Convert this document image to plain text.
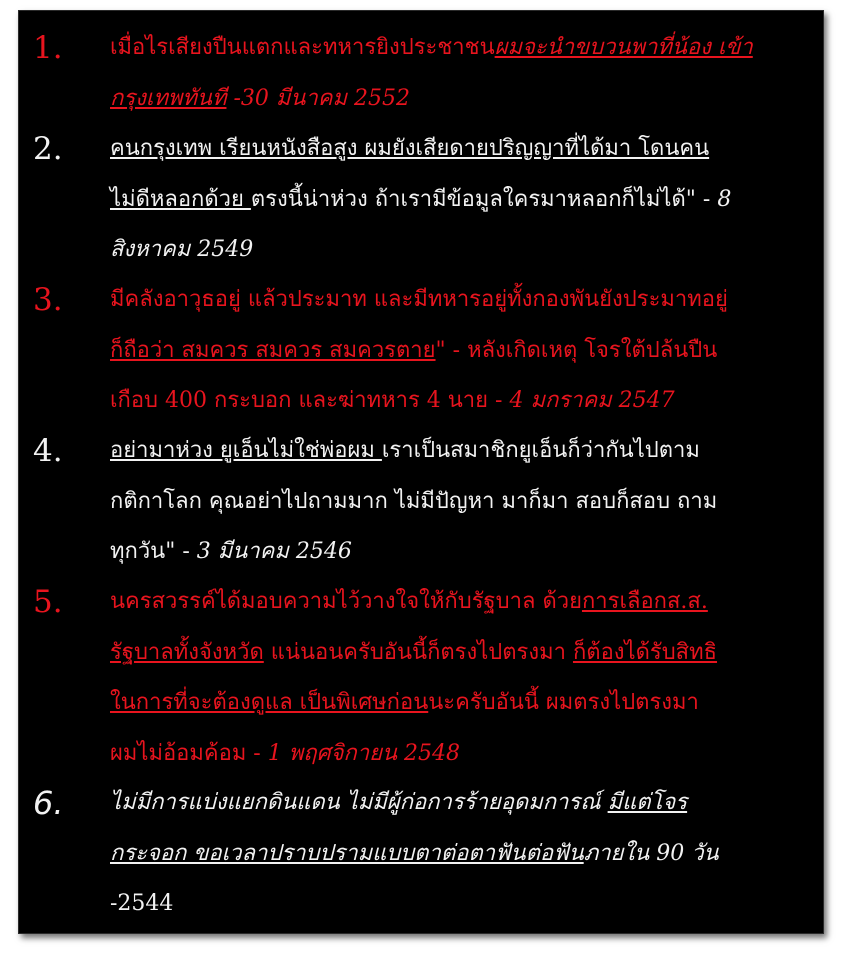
1. เมื่อไรเสียงปืนแตกและทหารยิงประชาชนผมจะนำขบวนพาที่น้อง เข้า
กรุงเทพทันที -30 มีนาคม 2552
2. คนกรุงเทพ เรียนหนังสือสูง ผมยังเสียดายปริญญาที่ได้มา โดนคน
ไม่ดีหลอกด้วย ตรงนี้น่าห่วง ถ้าเรามีข้อมูลใครมาหลอกก็ไม่ได้" - 8
สิงหาคม 2549
3. มีคลังอาวุธอยู่ แล้วประมาท และมีทหารอยู่ทั้งกองพันยังประมาทอยู่
ก็ถือว่า สมควร สมควร สมควรตาย" - หลังเกิดเหตุ โจรใต้ปล้นปืน
เกือบ 400 กระบอก และฆ่าทหาร 4 นาย - 4 มกราคม 2547
4. อย่ามาห่วง ยูเอ็นไม่ใช่พ่อผม เราเป็นสมาชิกยูเอ็นก็ว่ากันไปตาม
กติกาโลก คุณอย่าไปถามมาก ไม่มีปัญหา มาก็มา สอบก็สอบ ถาม
ทุกวัน" - 3 มีนาคม 2546
5. นครสวรรค์ได้มอบความไว้วางใจให้กับรัฐบาล ด้วยการเลือกส.ส.
รัฐบาลทั้งจังหวัด แน่นอนครับอันนี้ก็ตรงไปตรงมา ก็ต้องได้รับสิทธิ
ในการที่จะต้องดูแล เป็นพิเศษก่อนนะครับอันนี้ ผมตรงไปตรงมา
ผมไม่อ้อมค้อม - 1 พฤศจิกายน 2548
6. ไม่มีการแบ่งแยกดินแดน ไม่มีผู้ก่อการร้ายอุดมการณ์ มีแต่โจร
กระจอก ขอเวลาปราบปรามแบบตาต่อตาฟันต่อฟันภายใน 90 วัน
-2544
